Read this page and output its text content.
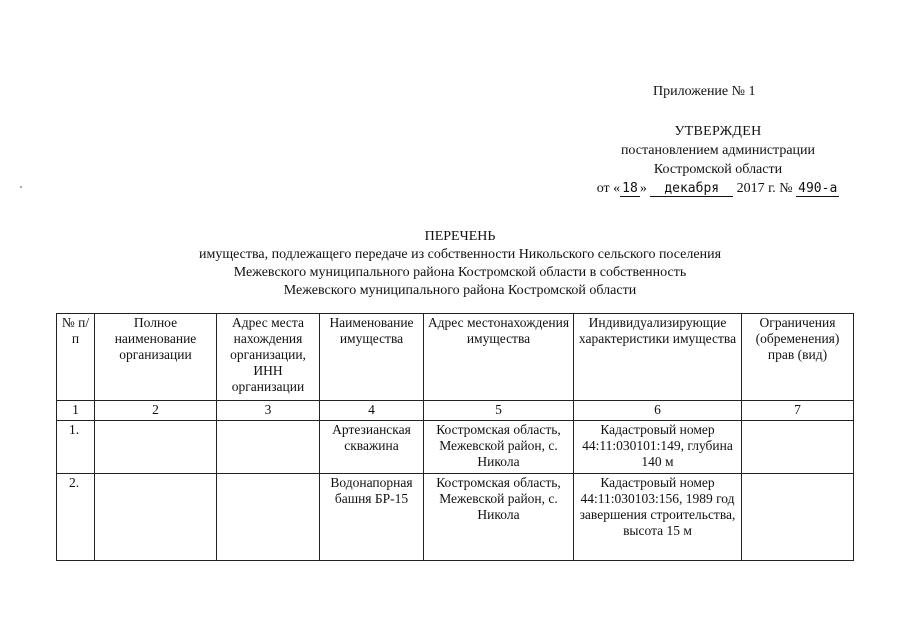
Приложение № 1
УТВЕРЖДЕН
постановлением администрации
Костромской области
от « 18 » декабря 2017 г. № 490-а
ПЕРЕЧЕНЬ
имущества, подлежащего передаче из собственности Никольского сельского поселения
Межевского муниципального района Костромской области в собственность
Межевского муниципального района Костромской области
№ п/п	Полное наименование организации	Адрес места нахождения организации, ИНН организации	Наименование имущества	Адрес местонахождения имущества	Индивидуализирующие характеристики имущества	Ограничения (обременения) прав (вид)
1	2	3	4	5	6	7
1.			Артезианская скважина	Костромская область, Межевской район, с. Никола	Кадастровый номер 44:11:030101:149, глубина 140 м	
2.			Водонапорная башня БР-15	Костромская область, Межевской район, с. Никола	Кадастровый номер 44:11:030103:156, 1989 год завершения строительства, высота 15 м	
